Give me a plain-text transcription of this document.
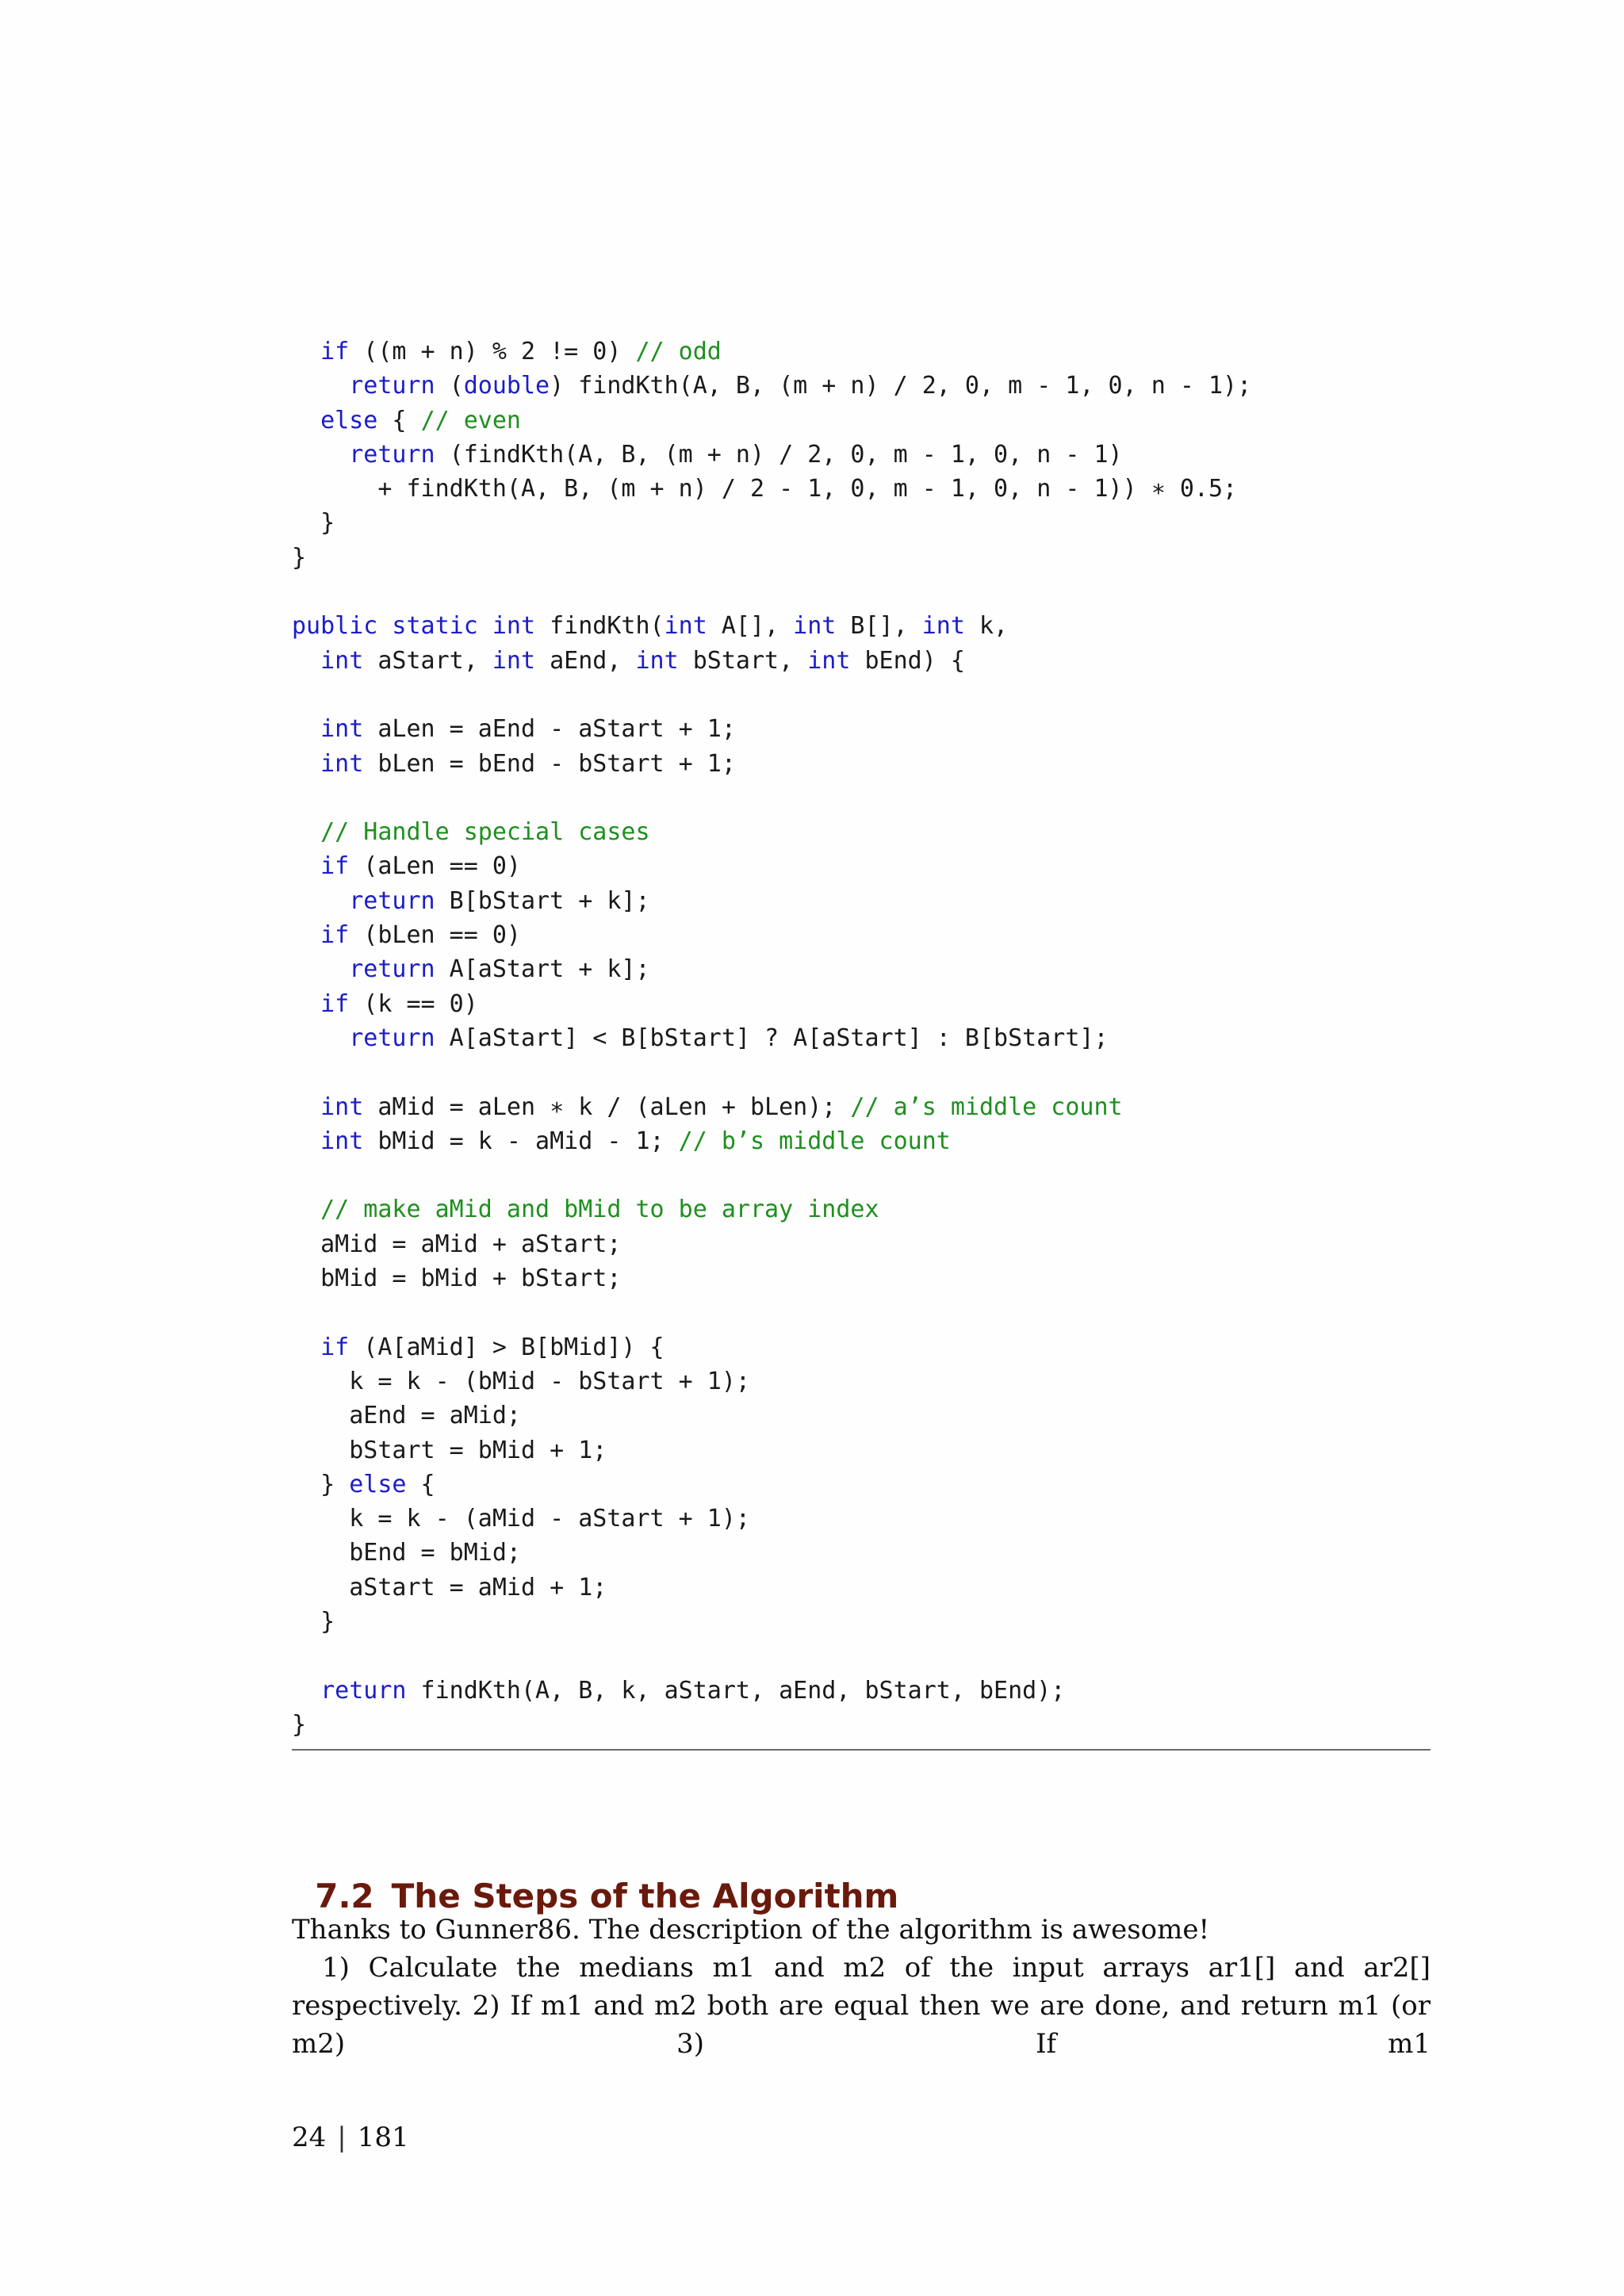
if ((m + n) % 2 != 0) // odd
return (double) findKth(A, B, (m + n) / 2, 0, m - 1, 0, n - 1);
else { // even
return (findKth(A, B, (m + n) / 2, 0, m - 1, 0, n - 1)
+ findKth(A, B, (m + n) / 2 - 1, 0, m - 1, 0, n - 1)) ∗ 0.5;
}
}
public static int findKth(int A[], int B[], int k,
int aStart, int aEnd, int bStart, int bEnd) {
int aLen = aEnd - aStart + 1;
int bLen = bEnd - bStart + 1;
// Handle special cases
if (aLen == 0)
return B[bStart + k];
if (bLen == 0)
return A[aStart + k];
if (k == 0)
return A[aStart] < B[bStart] ? A[aStart] : B[bStart];
int aMid = aLen ∗ k / (aLen + bLen); // a’s middle count
int bMid = k - aMid - 1; // b’s middle count
// make aMid and bMid to be array index
aMid = aMid + aStart;
bMid = bMid + bStart;
if (A[aMid] > B[bMid]) {
k = k - (bMid - bStart + 1);
aEnd = aMid;
bStart = bMid + 1;
} else {
k = k - (aMid - aStart + 1);
bEnd = bMid;
aStart = aMid + 1;
}
return findKth(A, B, k, aStart, aEnd, bStart, bEnd);
}

7.2 The Steps of the Algorithm

Thanks to Gunner86. The description of the algorithm is awesome!

1) Calculate the medians m1 and m2 of the input arrays ar1[] and ar2[] respectively. 2) If m1 and m2 both are equal then we are done, and return m1 (or m2) 3) If m1

24 | 181
